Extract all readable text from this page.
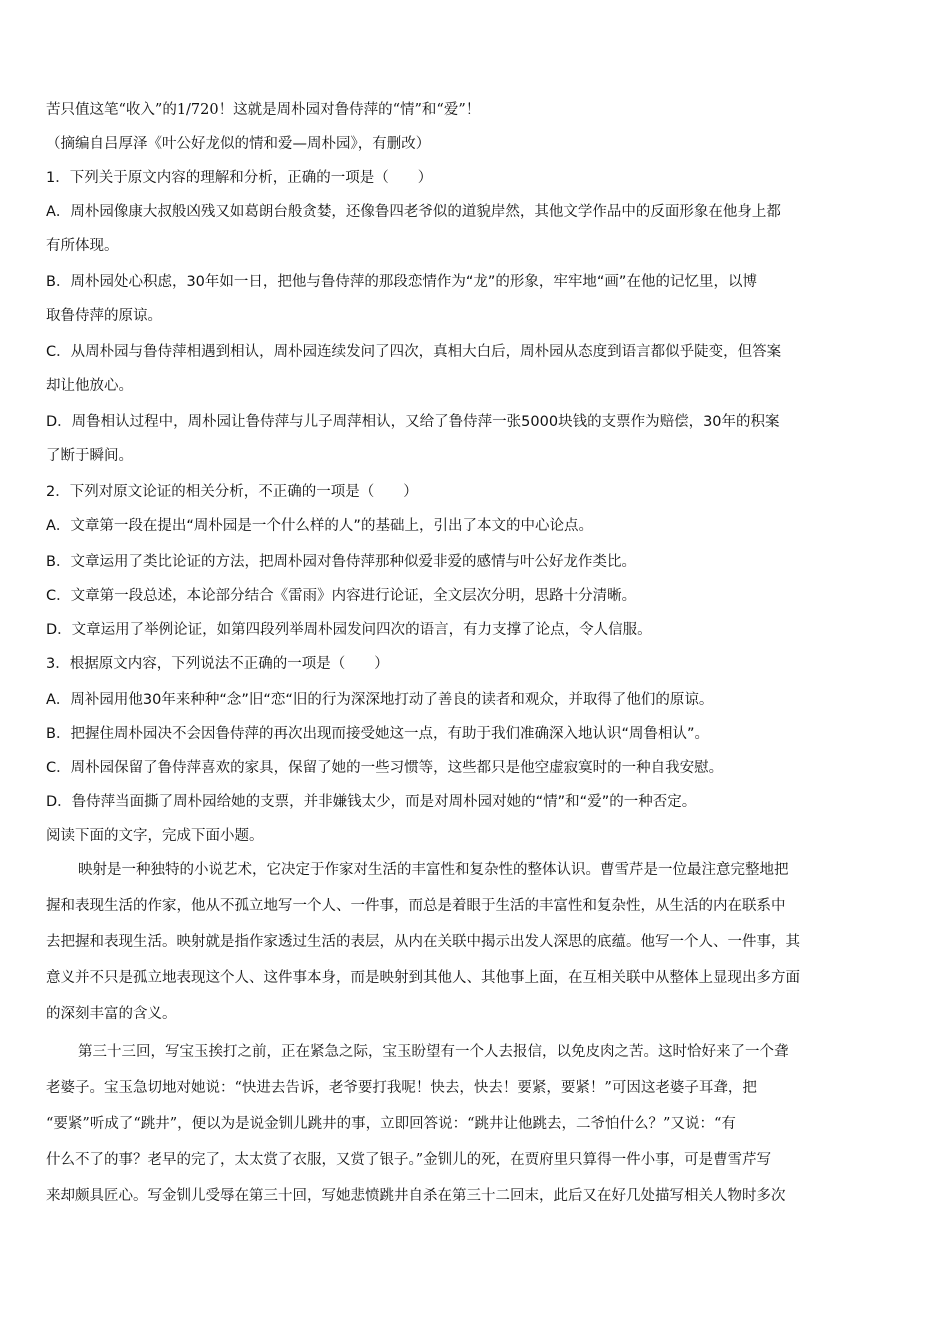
苦只值这笔“收入”的1/720！这就是周朴园对鲁侍萍的“情”和“爱”！
（摘编自吕厚泽《叶公好龙似的情和爱—周朴园》，有删改）
1．下列关于原文内容的理解和分析，正确的一项是（　　）
A．周朴园像康大叔般凶残又如葛朗台般贪婪，还像鲁四老爷似的道貌岸然，其他文学作品中的反面形象在他身上都
有所体现。
B．周朴园处心积虑，30年如一日，把他与鲁侍萍的那段恋情作为“龙”的形象，牢牢地“画”在他的记忆里，以博
取鲁侍萍的原谅。
C．从周朴园与鲁侍萍相遇到相认，周朴园连续发问了四次，真相大白后，周朴园从态度到语言都似乎陡变，但答案
却让他放心。
D．周鲁相认过程中，周朴园让鲁侍萍与儿子周萍相认，又给了鲁侍萍一张5000块钱的支票作为赔偿，30年的积案
了断于瞬间。
2．下列对原文论证的相关分析，不正确的一项是（　　）
A．文章第一段在提出“周朴园是一个什么样的人”的基础上，引出了本文的中心论点。
B．文章运用了类比论证的方法，把周朴园对鲁侍萍那种似爱非爱的感情与叶公好龙作类比。
C．文章第一段总述，本论部分结合《雷雨》内容进行论证，全文层次分明，思路十分清晰。
D．文章运用了举例论证，如第四段列举周朴园发问四次的语言，有力支撑了论点，令人信服。
3．根据原文内容，下列说法不正确的一项是（　　）
A．周补园用他30年来种种“念”旧“恋“旧的行为深深地打动了善良的读者和观众，并取得了他们的原谅。
B．把握住周朴园决不会因鲁侍萍的再次出现而接受她这一点，有助于我们准确深入地认识“周鲁相认”。
C．周朴园保留了鲁侍萍喜欢的家具，保留了她的一些习惯等，这些都只是他空虚寂寞时的一种自我安慰。
D．鲁侍萍当面撕了周朴园给她的支票，并非嫌钱太少，而是对周朴园对她的“情”和“爱”的一种否定。
阅读下面的文字，完成下面小题。
映射是一种独特的小说艺术，它决定于作家对生活的丰富性和复杂性的整体认识。曹雪芹是一位最注意完整地把
握和表现生活的作家，他从不孤立地写一个人、一件事，而总是着眼于生活的丰富性和复杂性，从生活的内在联系中
去把握和表现生活。映射就是指作家透过生活的表层，从内在关联中揭示出发人深思的底蕴。他写一个人、一件事，其
意义并不只是孤立地表现这个人、这件事本身，而是映射到其他人、其他事上面，在互相关联中从整体上显现出多方面
的深刻丰富的含义。
第三十三回，写宝玉挨打之前，正在紧急之际，宝玉盼望有一个人去报信，以免皮肉之苦。这时恰好来了一个聋
老婆子。宝玉急切地对她说：“快进去告诉，老爷要打我呢！快去，快去！要紧，要紧！”可因这老婆子耳聋，把
“要紧”听成了“跳井”，便以为是说金钏儿跳井的事，立即回答说：“跳井让他跳去，二爷怕什么？”又说：“有
什么不了的事？老早的完了，太太赏了衣服，又赏了银子。”金钏儿的死，在贾府里只算得一件小事，可是曹雪芹写
来却颇具匠心。写金钏儿受辱在第三十回，写她悲愤跳井自杀在第三十二回末，此后又在好几处描写相关人物时多次
